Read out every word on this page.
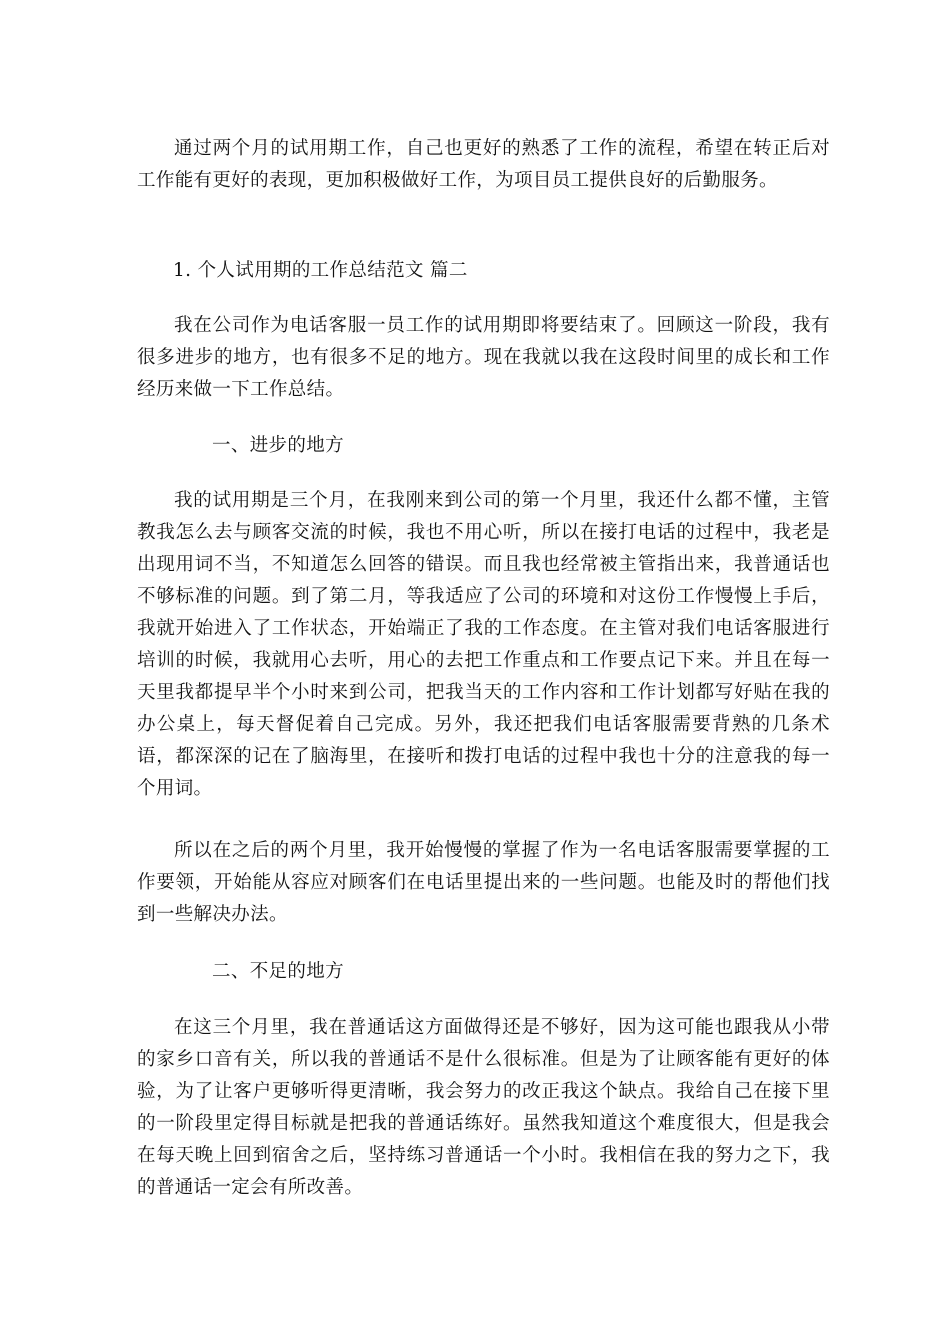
通过两个月的试用期工作，自己也更好的熟悉了工作的流程，希望在转正后对工作能有更好的表现，更加积极做好工作，为项目员工提供良好的后勤服务。

1. 个人试用期的工作总结范文 篇二

我在公司作为电话客服一员工作的试用期即将要结束了。回顾这一阶段，我有很多进步的地方，也有很多不足的地方。现在我就以我在这段时间里的成长和工作经历来做一下工作总结。

一、进步的地方

我的试用期是三个月，在我刚来到公司的第一个月里，我还什么都不懂，主管教我怎么去与顾客交流的时候，我也不用心听，所以在接打电话的过程中，我老是出现用词不当，不知道怎么回答的错误。而且我也经常被主管指出来，我普通话也不够标准的问题。到了第二月，等我适应了公司的环境和对这份工作慢慢上手后，我就开始进入了工作状态，开始端正了我的工作态度。在主管对我们电话客服进行培训的时候，我就用心去听，用心的去把工作重点和工作要点记下来。并且在每一天里我都提早半个小时来到公司，把我当天的工作内容和工作计划都写好贴在我的办公桌上，每天督促着自己完成。另外，我还把我们电话客服需要背熟的几条术语，都深深的记在了脑海里，在接听和拨打电话的过程中我也十分的注意我的每一个用词。

所以在之后的两个月里，我开始慢慢的掌握了作为一名电话客服需要掌握的工作要领，开始能从容应对顾客们在电话里提出来的一些问题。也能及时的帮他们找到一些解决办法。

二、不足的地方

在这三个月里，我在普通话这方面做得还是不够好，因为这可能也跟我从小带的家乡口音有关，所以我的普通话不是什么很标准。但是为了让顾客能有更好的体验，为了让客户更够听得更清晰，我会努力的改正我这个缺点。我给自己在接下里的一阶段里定得目标就是把我的普通话练好。虽然我知道这个难度很大，但是我会在每天晚上回到宿舍之后，坚持练习普通话一个小时。我相信在我的努力之下，我的普通话一定会有所改善。
